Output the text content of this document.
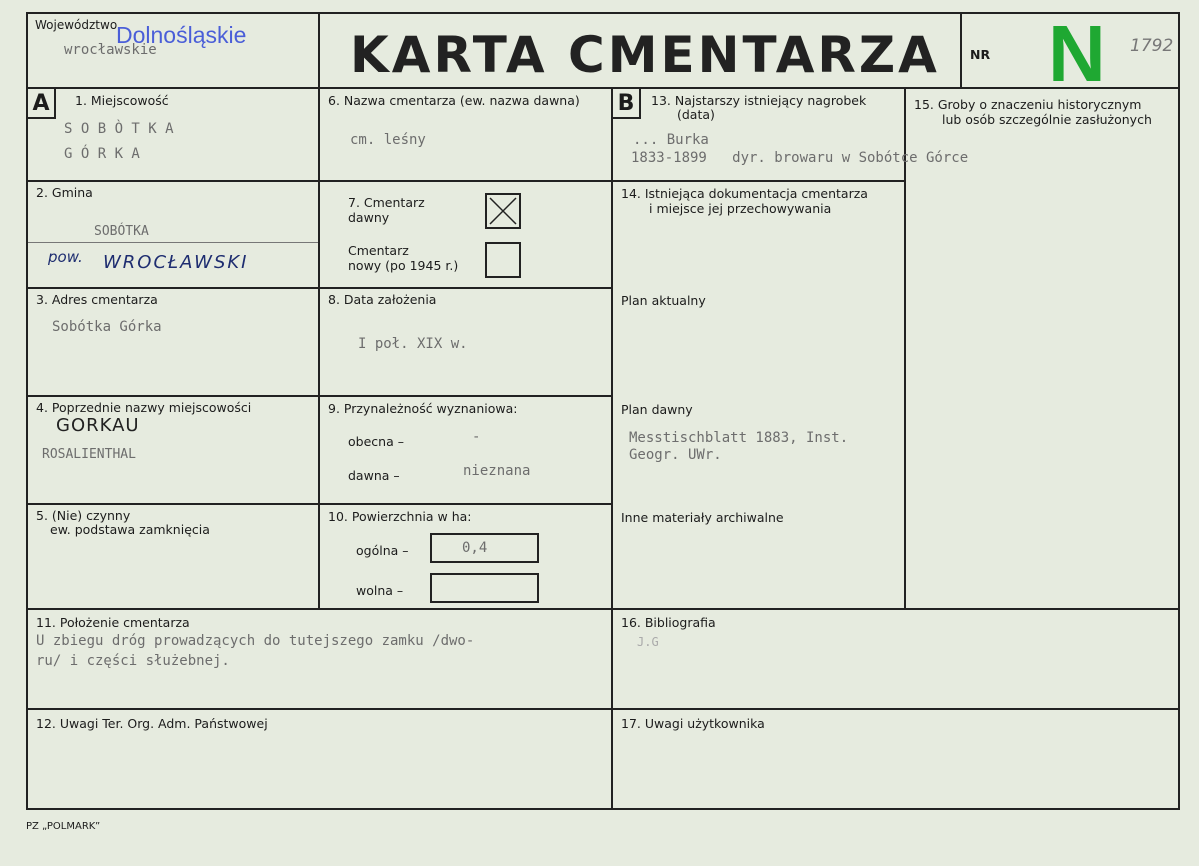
Województwo
Dolnośląskie
wrocławskie	KARTA CMENTARZA NR N 1792
A	1. Miejscowość
S O B Ò T K A
G Ó R K A
2. Gmina
SOBÓTKA
pow. WROCŁAWSKI
3. Adres cmentarza
Sobótka Górka
4. Poprzednie nazwy miejscowości
GORKAU
ROSALIENTHAL
5. (Nie) czynny
ew. podstawa zamknięcia
6. Nazwa cmentarza (ew. nazwa dawna)
cm. leśny
7. Cmentarz
dawny
Cmentarz
nowy (po 1945 r.)
8. Data założenia
I poł. XIX w.
9. Przynależność wyznaniowa:
obecna –	-
dawna –	nieznana
10. Powierzchnia w ha:
ogólna –	0,4
wolna –
B	13. Najstarszy istniejący nagrobek
(data)
... Burka
1833-1899   dyr. browaru w Sobótce Górce
14. Istniejąca dokumentacja cmentarza
i miejsce jej przechowywania
Plan aktualny
Plan dawny
Messtischblatt 1883, Inst.
Geogr. UWr.
Inne materiały archiwalne
15. Groby o znaczeniu historycznym
lub osób szczególnie zasłużonych
11. Położenie cmentarza
U zbiegu dróg prowadzących do tutejszego zamku /dwo-
ru/ i części służebnej.
16. Bibliografia
J.G
12. Uwagi Ter. Org. Adm. Państwowej	17. Uwagi użytkownika
PZ „POLMARK”
